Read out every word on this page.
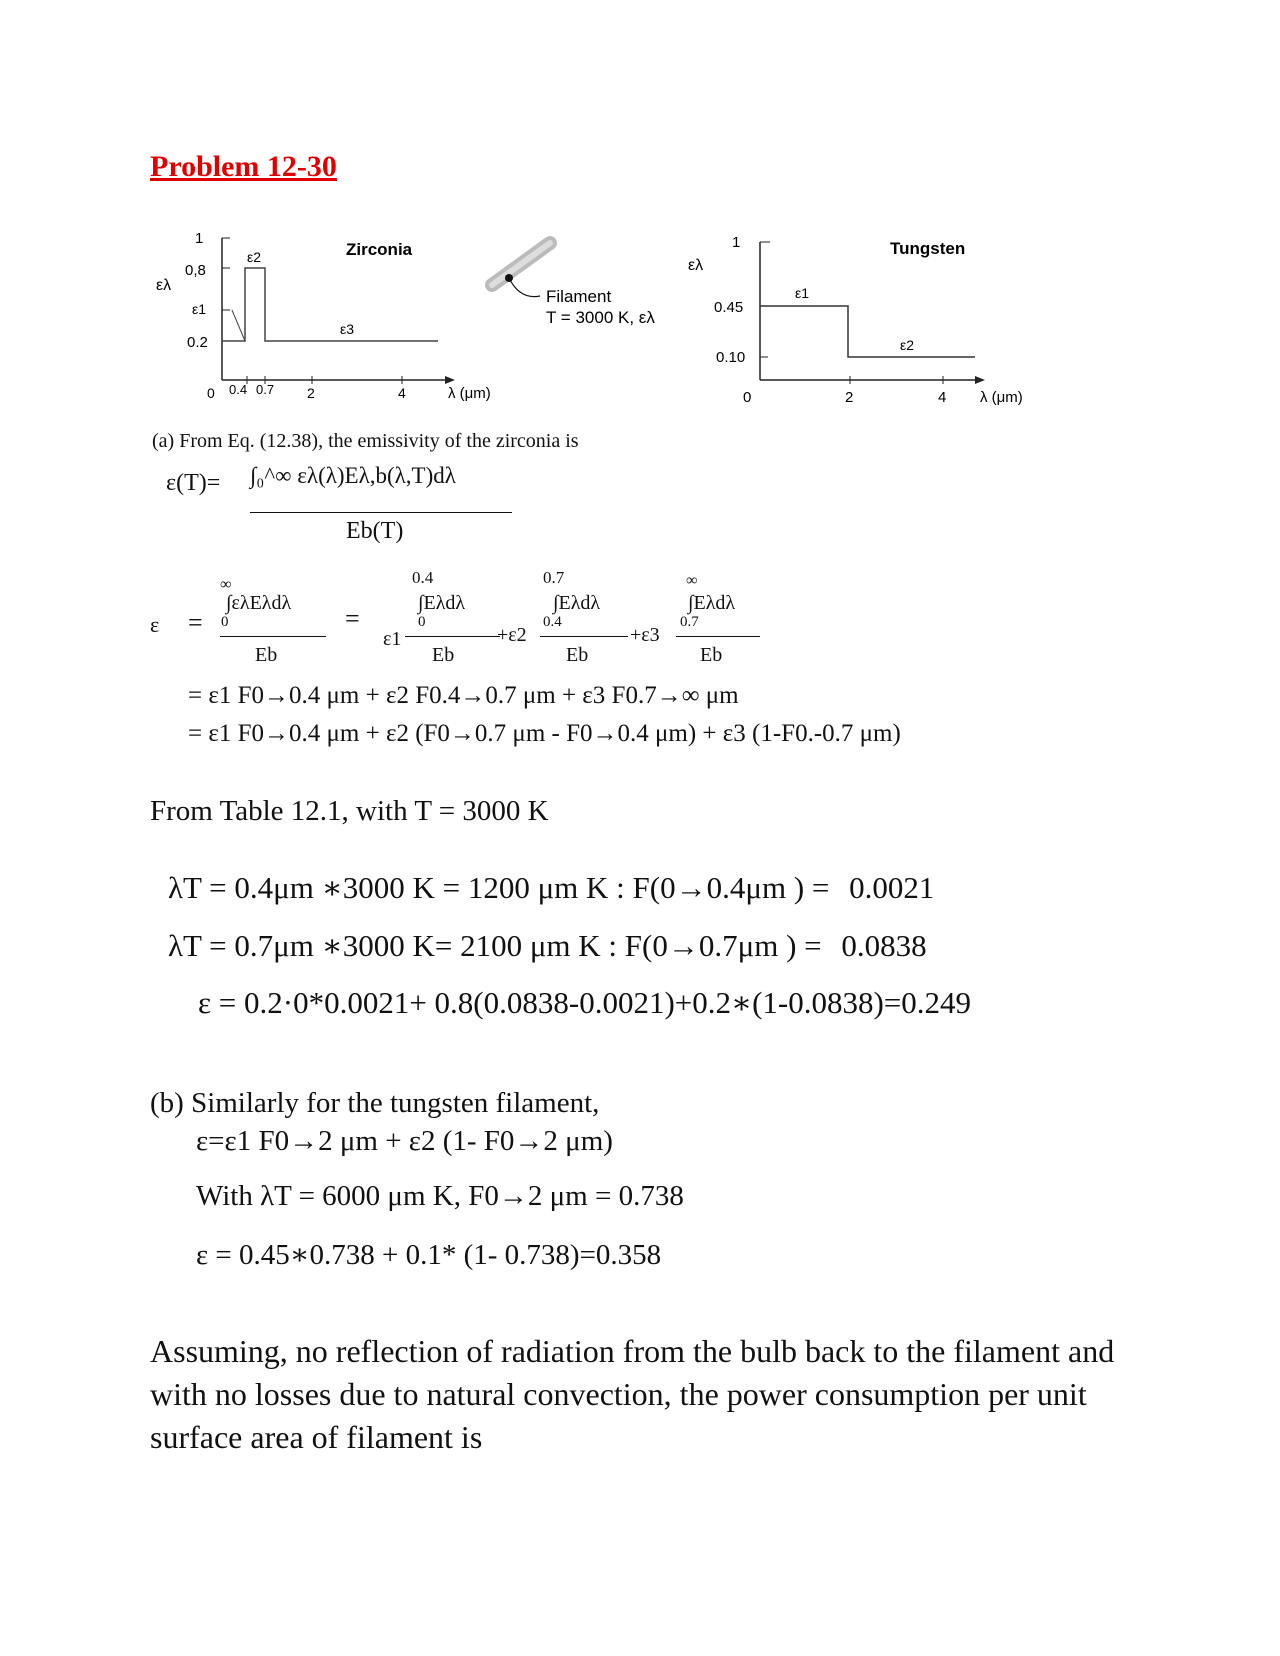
Problem 12-30
ελ
1
0,8
ε1
0.2
ε2
ε3
Zirconia
0 0.4 0.7 2	4	λ (μm)
Filament
T = 3000 K, ελ
ελ
1
0.45
0.10
0
ε1
ε2
Tungsten
2	4 λ (μm)
(a) From Eq. (12.38), the emissivity of the zirconia is
ε(T)= ∫₀^∞ ελ(λ)Eλ,b(λ,T)dλ
Eb(T)
ε =
∞
∫ελEλdλ
0
Eb
=
ε1
0.4
∫Eλdλ
0
Eb
+ε2
0.7
∫Eλdλ
0.4
Eb
+ε3
∞
∫Eλdλ
0.7
Eb
= ε1 F0→0.4 μm + ε2 F0.4→0.7 μm + ε3 F0.7→∞ μm
= ε1 F0→0.4 μm + ε2 (F0→0.7 μm - F0→0.4 μm) + ε3 (1-F0.-0.7 μm)
From Table 12.1, with T = 3000 K
λT = 0.4μm ∗3000 K = 1200 μm K : F(0→0.4μm ) = 0.0021
λT = 0.7μm ∗3000 K= 2100 μm K : F(0→0.7μm ) = 0.0838
ε = 0.2·0*0.0021+ 0.8(0.0838-0.0021)+0.2∗(1-0.0838)=0.249
(b) Similarly for the tungsten filament,
ε=ε1 F0→2 μm + ε2 (1- F0→2 μm)
With λT = 6000 μm K, F0→2 μm = 0.738
ε = 0.45∗0.738 + 0.1* (1- 0.738)=0.358
Assuming, no reflection of radiation from the bulb back to the filament and with no losses due to natural convection, the power consumption per unit surface area of filament is
